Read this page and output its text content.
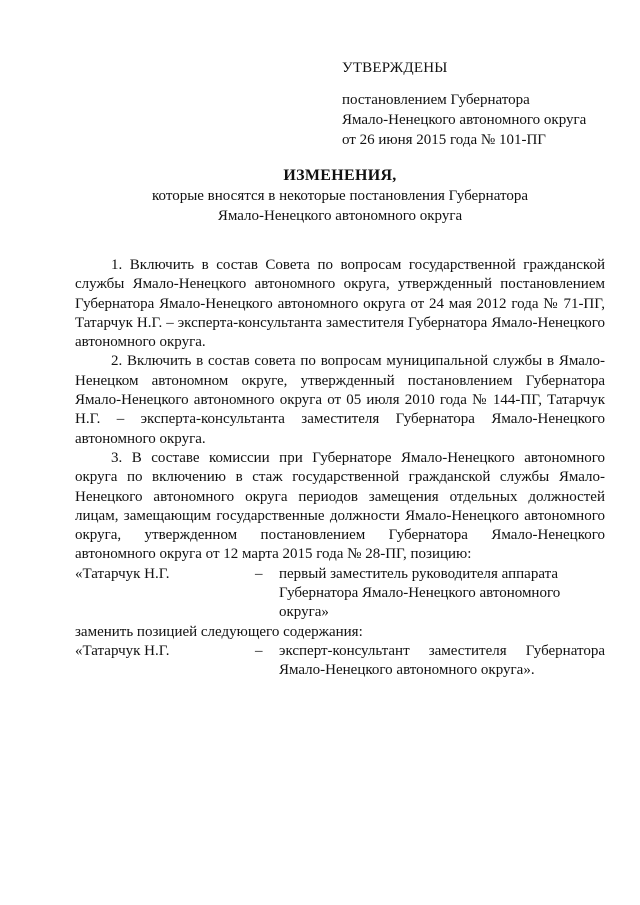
УТВЕРЖДЕНЫ
постановлением Губернатора
Ямало-Ненецкого автономного округа
от 26 июня 2015 года № 101-ПГ
ИЗМЕНЕНИЯ,
которые вносятся в некоторые постановления Губернатора
Ямало-Ненецкого автономного округа
1. Включить в состав Совета по вопросам государственной гражданской службы Ямало-Ненецкого автономного округа, утвержденный постановлением Губернатора Ямало-Ненецкого автономного округа от 24 мая 2012 года № 71-ПГ, Татарчук Н.Г. – эксперта-консультанта заместителя Губернатора Ямало-Ненецкого автономного округа.
2. Включить в состав совета по вопросам муниципальной службы в Ямало-Ненецком автономном округе, утвержденный постановлением Губернатора Ямало-Ненецкого автономного округа от 05 июля 2010 года № 144-ПГ, Татарчук Н.Г. – эксперта-консультанта заместителя Губернатора Ямало-Ненецкого автономного округа.
3. В составе комиссии при Губернаторе Ямало-Ненецкого автономного округа по включению в стаж государственной гражданской службы Ямало-Ненецкого автономного округа периодов замещения отдельных должностей лицам, замещающим государственные должности Ямало-Ненецкого автономного округа, утвержденном постановлением Губернатора Ямало-Ненецкого автономного округа от 12 марта 2015 года № 28-ПГ, позицию:
«Татарчук Н.Г.	–	первый заместитель руководителя аппарата Губернатора Ямало-Ненецкого автономного округа»
заменить позицией следующего содержания:
«Татарчук Н.Г.	–	эксперт-консультант заместителя Губернатора Ямало-Ненецкого автономного округа».
